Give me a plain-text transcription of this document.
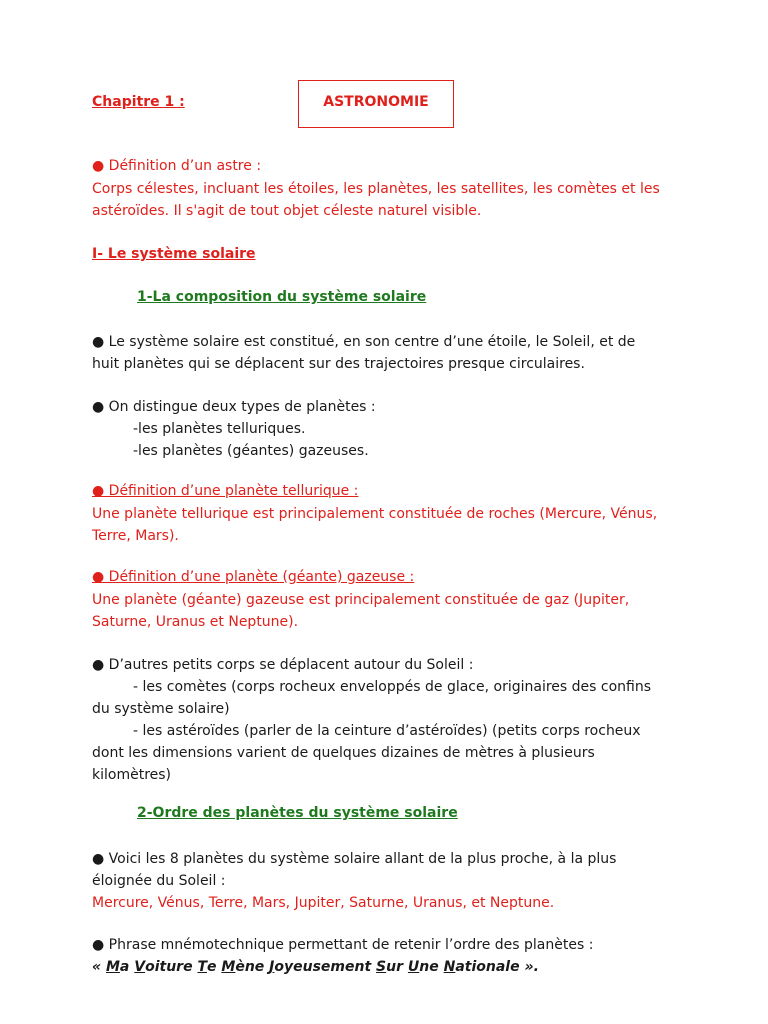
Chapitre 1 :	ASTRONOMIE
● Définition d’un astre :

Corps célestes, incluant les étoiles, les planètes, les satellites, les comètes et les

astéroïdes. Il s'agit de tout objet céleste naturel visible.

I- Le système solaire
1-La composition du système solaire

● Le système solaire est constitué, en son centre d’une étoile, le Soleil, et de

huit planètes qui se déplacent sur des trajectoires presque circulaires.

● On distingue deux types de planètes :

-les planètes telluriques.

-les planètes (géantes) gazeuses.

● Définition d’une planète tellurique :

Une planète tellurique est principalement constituée de roches (Mercure, Vénus,

Terre, Mars).

● Définition d’une planète (géante) gazeuse :

Une planète (géante) gazeuse est principalement constituée de gaz (Jupiter,

Saturne, Uranus et Neptune).

● D’autres petits corps se déplacent autour du Soleil :

- les comètes (corps rocheux enveloppés de glace, originaires des confins

du système solaire)

- les astéroïdes (parler de la ceinture d’astéroïdes) (petits corps rocheux

dont les dimensions varient de quelques dizaines de mètres à plusieurs

kilomètres)

2-Ordre des planètes du système solaire

● Voici les 8 planètes du système solaire allant de la plus proche, à la plus

éloignée du Soleil :

Mercure, Vénus, Terre, Mars, Jupiter, Saturne, Uranus, et Neptune.

● Phrase mnémotechnique permettant de retenir l’ordre des planètes :

« Ma Voiture Te Mène Joyeusement Sur Une Nationale ».
